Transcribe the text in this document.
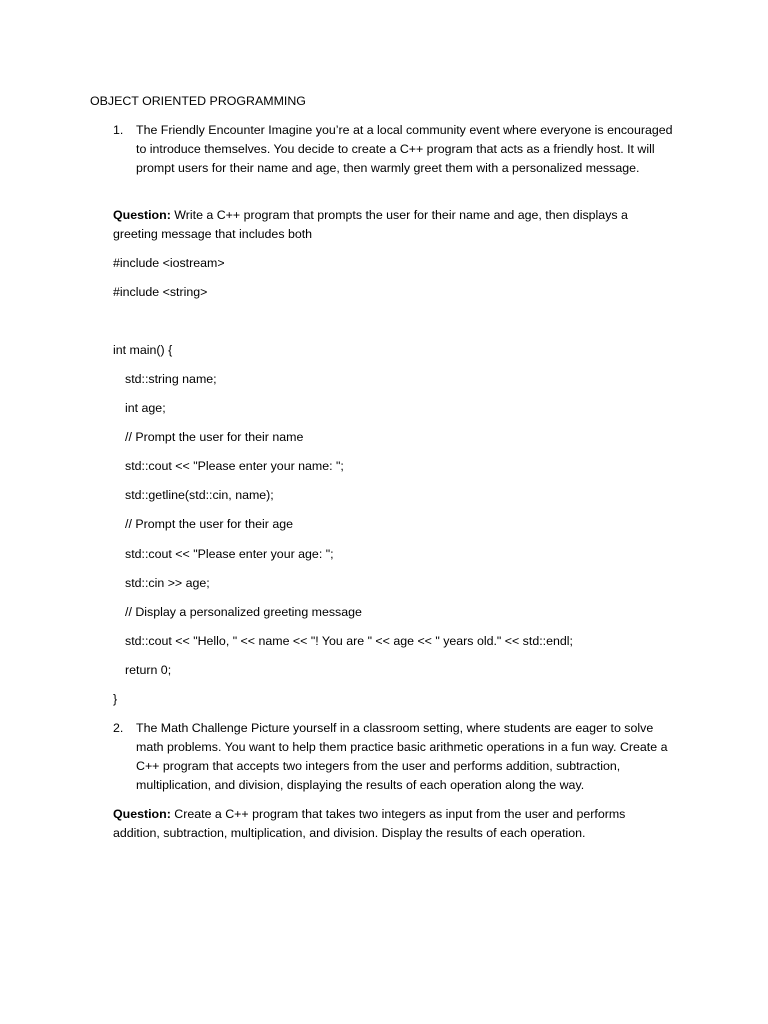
OBJECT ORIENTED PROGRAMMING
1. The Friendly Encounter Imagine you’re at a local community event where everyone is encouraged to introduce themselves. You decide to create a C++ program that acts as a friendly host. It will prompt users for their name and age, then warmly greet them with a personalized message.
Question: Write a C++ program that prompts the user for their name and age, then displays a greeting message that includes both
#include <iostream>
#include <string>
int main() {
std::string name;
int age;
// Prompt the user for their name
std::cout << "Please enter your name: ";
std::getline(std::cin, name);
// Prompt the user for their age
std::cout << "Please enter your age: ";
std::cin >> age;
// Display a personalized greeting message
std::cout << "Hello, " << name << "! You are " << age << " years old." << std::endl;
return 0;
}
2. The Math Challenge Picture yourself in a classroom setting, where students are eager to solve math problems. You want to help them practice basic arithmetic operations in a fun way. Create a C++ program that accepts two integers from the user and performs addition, subtraction, multiplication, and division, displaying the results of each operation along the way.
Question: Create a C++ program that takes two integers as input from the user and performs addition, subtraction, multiplication, and division. Display the results of each operation.
